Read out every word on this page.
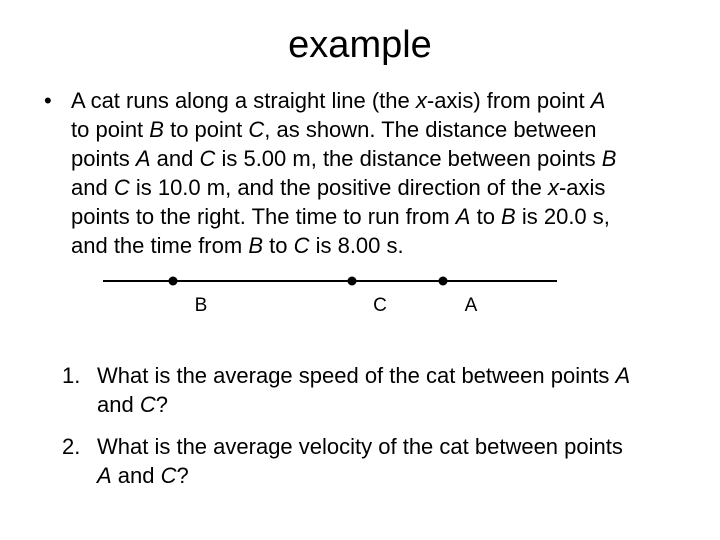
example
• A cat runs along a straight line (the x-axis) from point A
to point B to point C, as shown. The distance between
points A and C is 5.00 m, the distance between points B
and C is 10.0 m, and the positive direction of the x-axis
points to the right. The time to run from A to B is 20.0 s,
and the time from B to C is 8.00 s.
B	C	A
1. What is the average speed of the cat between points A
and C?
2. What is the average velocity of the cat between points
A and C?
